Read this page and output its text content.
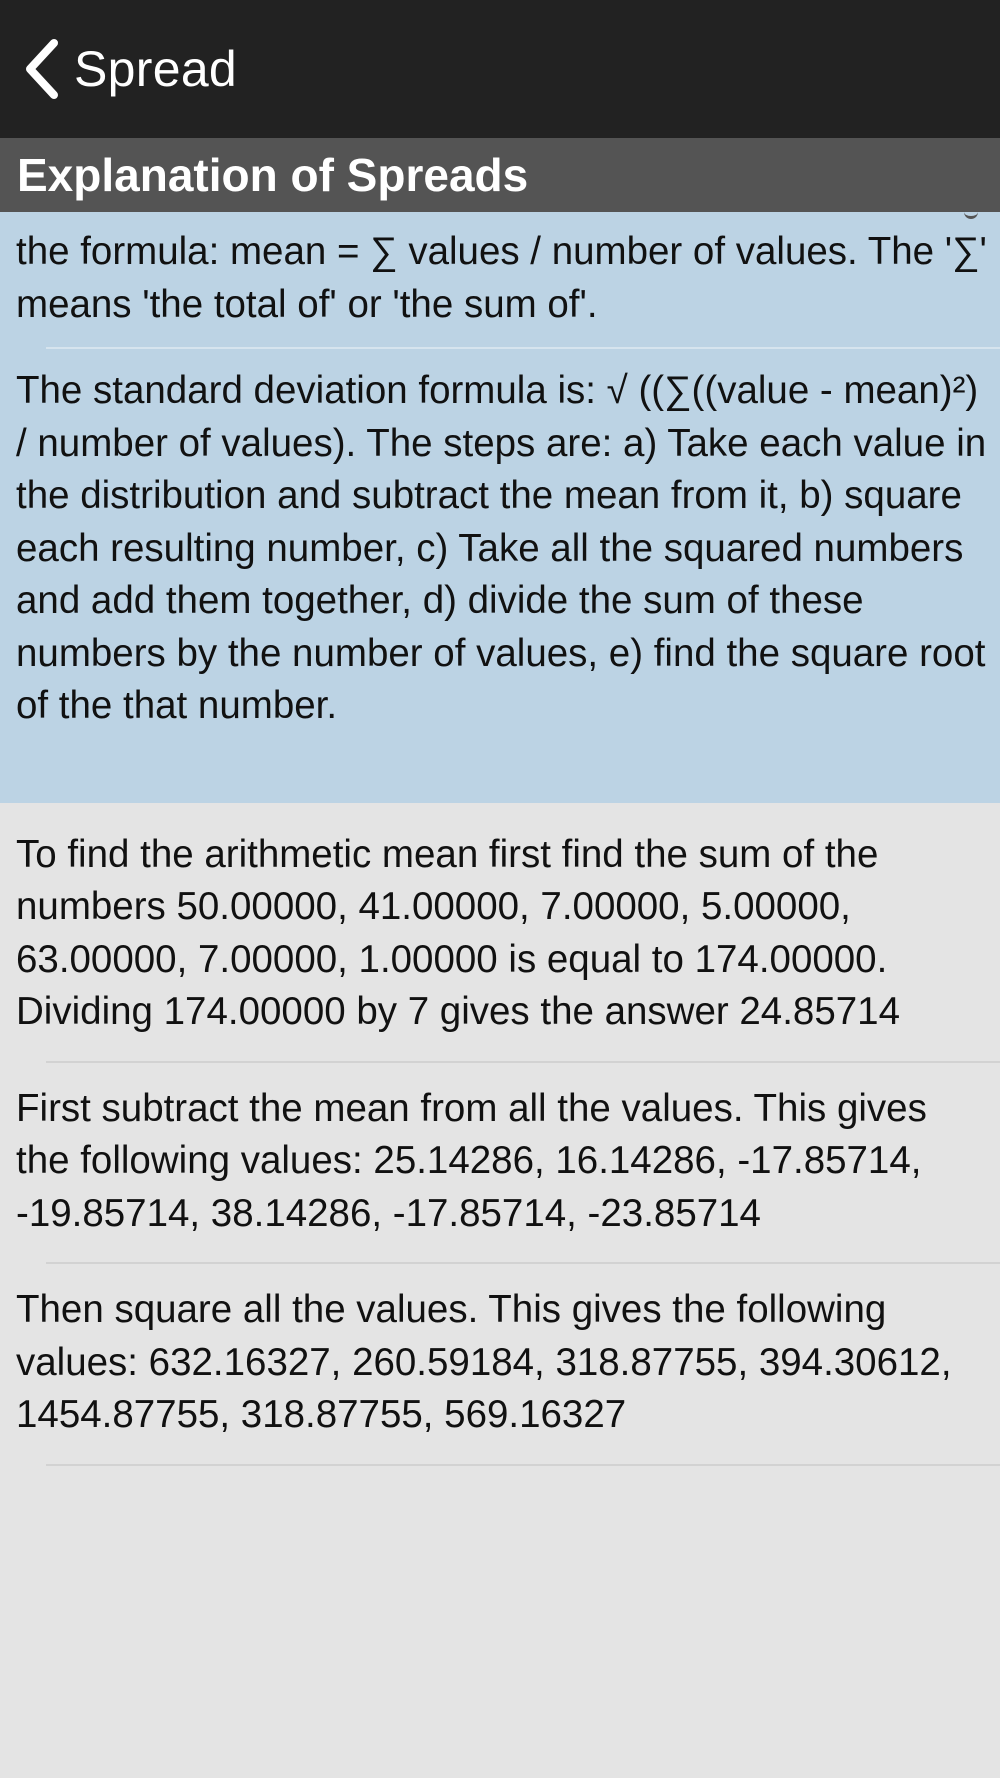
Spread
Explanation of Spreads

the formula: mean = ∑ values / number of values. The '∑' means 'the total of' or 'the sum of'.

The standard deviation formula is: √ ((∑((value - mean)²) / number of values). The steps are: a) Take each value in the distribution and subtract the mean from it, b) square each resulting number, c) Take all the squared numbers and add them together, d) divide the sum of these numbers by the number of values, e) find the square root of the that number.

To find the arithmetic mean first find the sum of the numbers 50.00000, 41.00000, 7.00000, 5.00000, 63.00000, 7.00000, 1.00000 is equal to 174.00000. Dividing 174.00000 by 7 gives the answer 24.85714

First subtract the mean from all the values. This gives the following values: 25.14286, 16.14286, -17.85714, -19.85714, 38.14286, -17.85714, -23.85714

Then square all the values. This gives the following values: 632.16327, 260.59184, 318.87755, 394.30612, 1454.87755, 318.87755, 569.16327
